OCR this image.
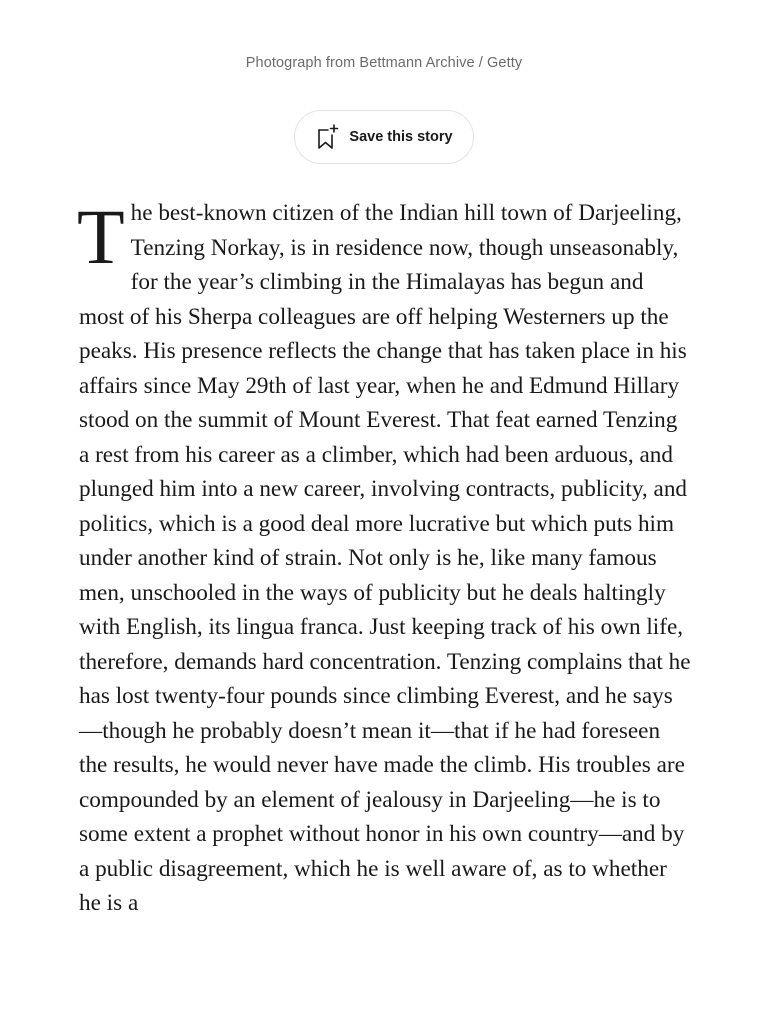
Photograph from Bettmann Archive / Getty
Save this story

The best-known citizen of the Indian hill town of Darjeeling, Tenzing Norkay, is in residence now, though unseasonably, for the year’s climbing in the Himalayas has begun and most of his Sherpa colleagues are off helping Westerners up the peaks. His presence reflects the change that has taken place in his affairs since May 29th of last year, when he and Edmund Hillary stood on the summit of Mount Everest. That feat earned Tenzing a rest from his career as a climber, which had been arduous, and plunged him into a new career, involving contracts, publicity, and politics, which is a good deal more lucrative but which puts him under another kind of strain. Not only is he, like many famous men, unschooled in the ways of publicity but he deals haltingly with English, its lingua franca. Just keeping track of his own life, therefore, demands hard concentration. Tenzing complains that he has lost twenty-four pounds since climbing Everest, and he says—though he probably doesn’t mean it—that if he had foreseen the results, he would never have made the climb. His troubles are compounded by an element of jealousy in Darjeeling—he is to some extent a prophet without honor in his own country—and by a public disagreement, which he is well aware of, as to whether he is a
